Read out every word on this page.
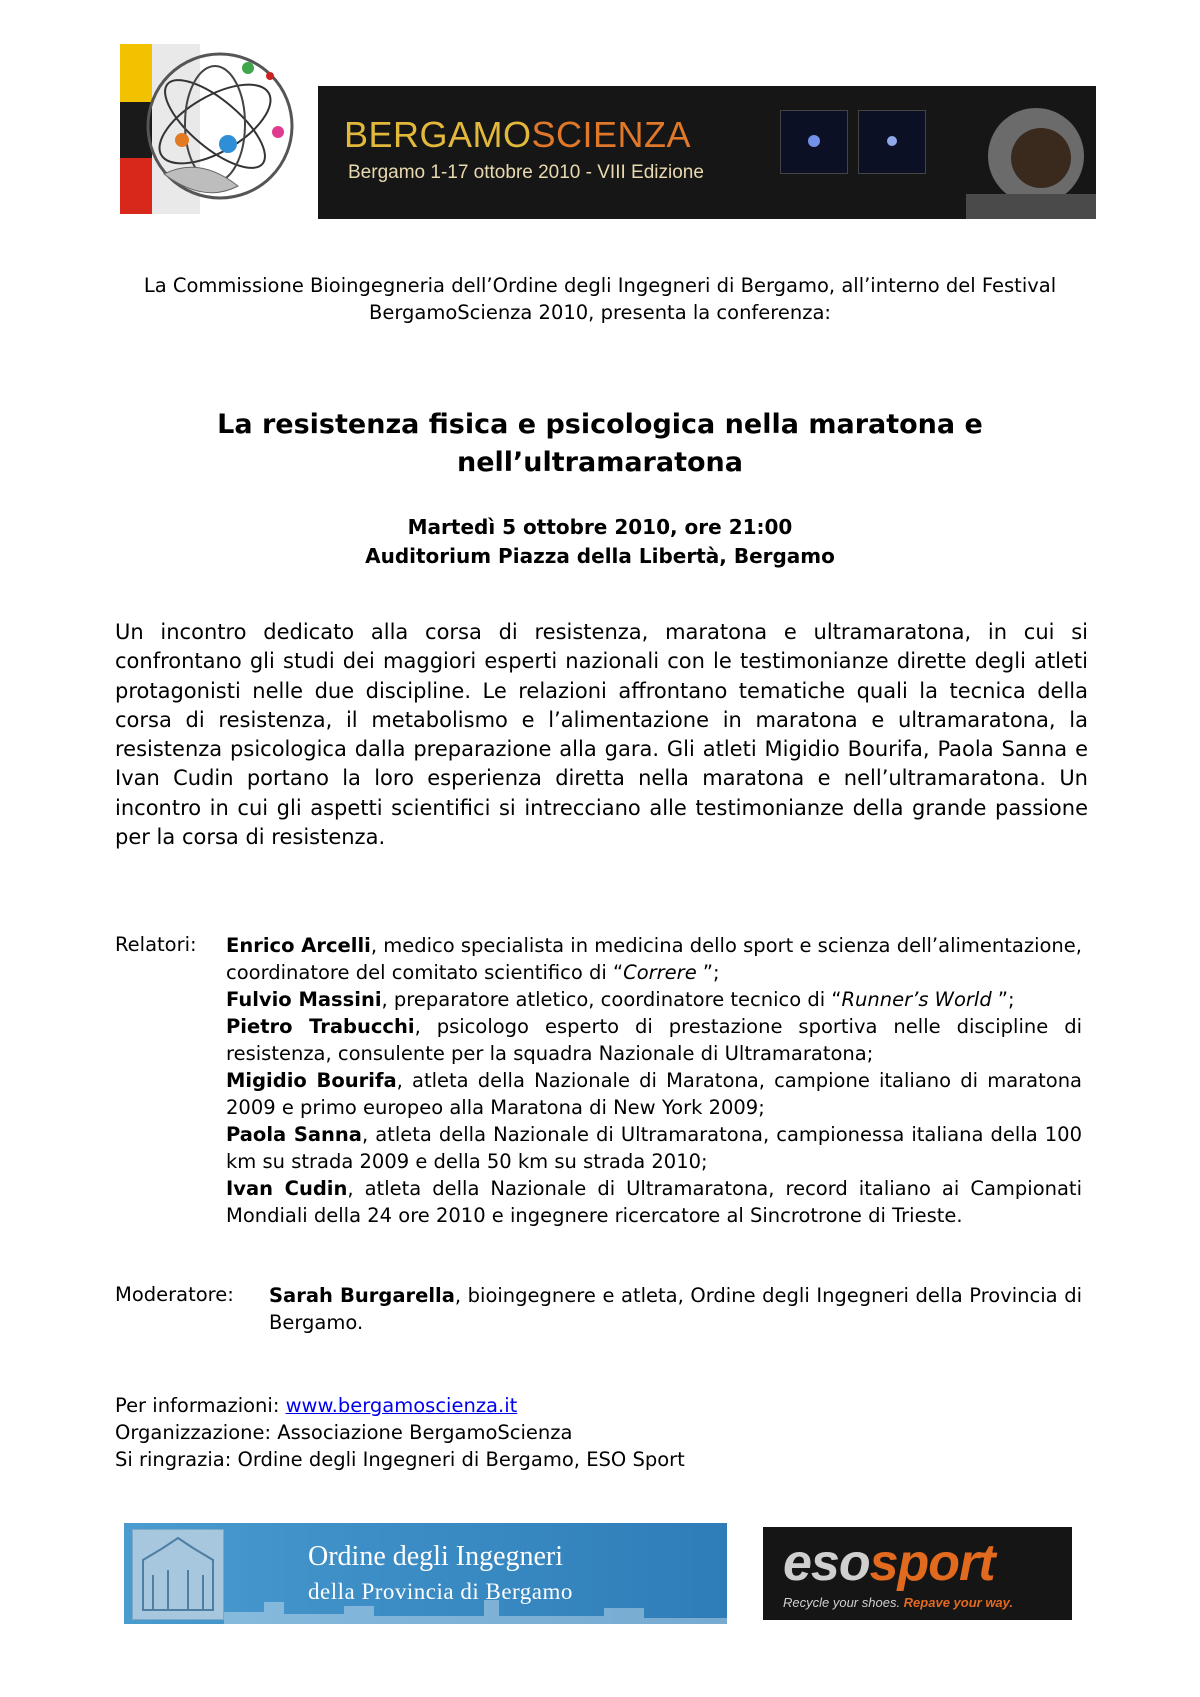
BERGAMOSCIENZA
Bergamo 1-17 ottobre 2010 - VIII Edizione
La Commissione Bioingegneria dell’Ordine degli Ingegneri di Bergamo, all’interno del Festival
BergamoScienza 2010, presenta la conferenza:
La resistenza fisica e psicologica nella maratona e
nell’ultramaratona
Martedì 5 ottobre 2010, ore 21:00
Auditorium Piazza della Libertà, Bergamo
Un incontro dedicato alla corsa di resistenza, maratona e ultramaratona, in cui si confrontano gli studi dei maggiori esperti nazionali con le testimonianze dirette degli atleti protagonisti nelle due discipline. Le relazioni affrontano tematiche quali la tecnica della corsa di resistenza, il metabolismo e l’alimentazione in maratona e ultramaratona, la resistenza psicologica dalla preparazione alla gara. Gli atleti Migidio Bourifa, Paola Sanna e Ivan Cudin portano la loro esperienza diretta nella maratona e nell’ultramaratona. Un incontro in cui gli aspetti scientifici si intrecciano alle testimonianze della grande passione per la corsa di resistenza.
Relatori: Enrico Arcelli, medico specialista in medicina dello sport e scienza dell’alimentazione, coordinatore del comitato scientifico di “Correre ”;

Fulvio Massini, preparatore atletico, coordinatore tecnico di “Runner’s World ”;

Pietro Trabucchi, psicologo esperto di prestazione sportiva nelle discipline di resistenza, consulente per la squadra Nazionale di Ultramaratona;

Migidio Bourifa, atleta della Nazionale di Maratona, campione italiano di maratona 2009 e primo europeo alla Maratona di New York 2009;

Paola Sanna, atleta della Nazionale di Ultramaratona, campionessa italiana della 100 km su strada 2009 e della 50 km su strada 2010;

Ivan Cudin, atleta della Nazionale di Ultramaratona, record italiano ai Campionati Mondiali della 24 ore 2010 e ingegnere ricercatore al Sincrotrone di Trieste.

Moderatore: Sarah Burgarella, bioingegnere e atleta, Ordine degli Ingegneri della Provincia di Bergamo.
Per informazioni: www.bergamoscienza.it
Organizzazione: Associazione BergamoScienza
Si ringrazia: Ordine degli Ingegneri di Bergamo, ESO Sport
Ordine degli Ingegneri
della Provincia di Bergamo	esosport
Recycle your shoes. Repave your way.
